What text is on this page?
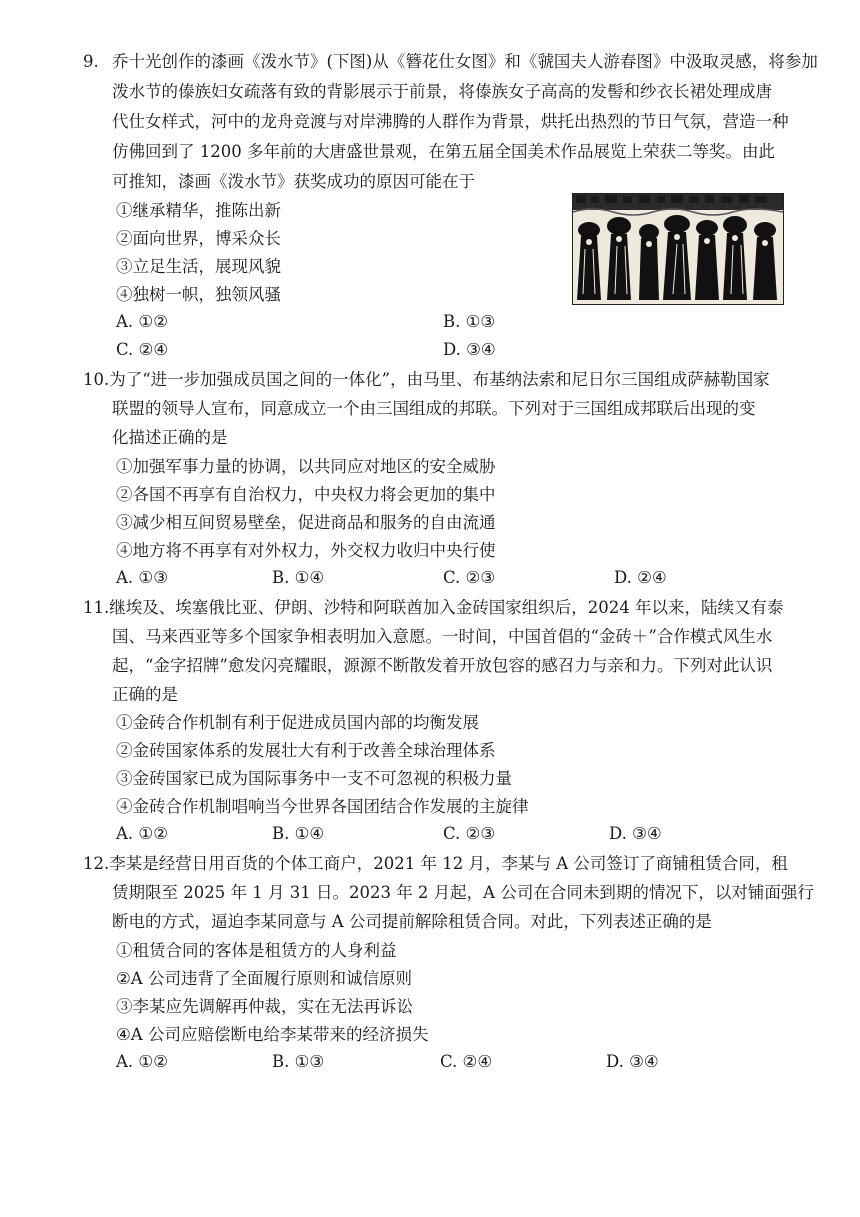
9. 乔十光创作的漆画《泼水节》(下图)从《簪花仕女图》和《虢国夫人游春图》中汲取灵感，将参加
泼水节的傣族妇女疏落有致的背影展示于前景，将傣族女子高高的发髻和纱衣长裙处理成唐
代仕女样式，河中的龙舟竞渡与对岸沸腾的人群作为背景，烘托出热烈的节日气氛，营造一种
仿佛回到了 1200 多年前的大唐盛世景观，在第五届全国美术作品展览上荣获二等奖。由此
可推知，漆画《泼水节》获奖成功的原因可能在于
①继承精华，推陈出新
②面向世界，博采众长
③立足生活，展现风貌
④独树一帜，独领风骚
A. ①②	B. ①③
C. ②④	D. ③④
10.为了“进一步加强成员国之间的一体化”，由马里、布基纳法索和尼日尔三国组成萨赫勒国家
联盟的领导人宣布，同意成立一个由三国组成的邦联。下列对于三国组成邦联后出现的变
化描述正确的是
①加强军事力量的协调，以共同应对地区的安全威胁
②各国不再享有自治权力，中央权力将会更加的集中
③减少相互间贸易壁垒，促进商品和服务的自由流通
④地方将不再享有对外权力，外交权力收归中央行使
A. ①③	B. ①④	C. ②③	D. ②④
11.继埃及、埃塞俄比亚、伊朗、沙特和阿联酋加入金砖国家组织后，2024 年以来，陆续又有泰
国、马来西亚等多个国家争相表明加入意愿。一时间，中国首倡的“金砖＋”合作模式风生水
起，“金字招牌”愈发闪亮耀眼，源源不断散发着开放包容的感召力与亲和力。下列对此认识
正确的是
①金砖合作机制有利于促进成员国内部的均衡发展
②金砖国家体系的发展壮大有利于改善全球治理体系
③金砖国家已成为国际事务中一支不可忽视的积极力量
④金砖合作机制唱响当今世界各国团结合作发展的主旋律
A. ①②	B. ①④	C. ②③	D. ③④
12.李某是经营日用百货的个体工商户，2021 年 12 月，李某与 A 公司签订了商铺租赁合同，租
赁期限至 2025 年 1 月 31 日。2023 年 2 月起，A 公司在合同未到期的情况下，以对铺面强行
断电的方式，逼迫李某同意与 A 公司提前解除租赁合同。对此，下列表述正确的是
①租赁合同的客体是租赁方的人身利益
②A 公司违背了全面履行原则和诚信原则
③李某应先调解再仲裁，实在无法再诉讼
④A 公司应赔偿断电给李某带来的经济损失
A. ①②	B. ①③	C. ②④	D. ③④
